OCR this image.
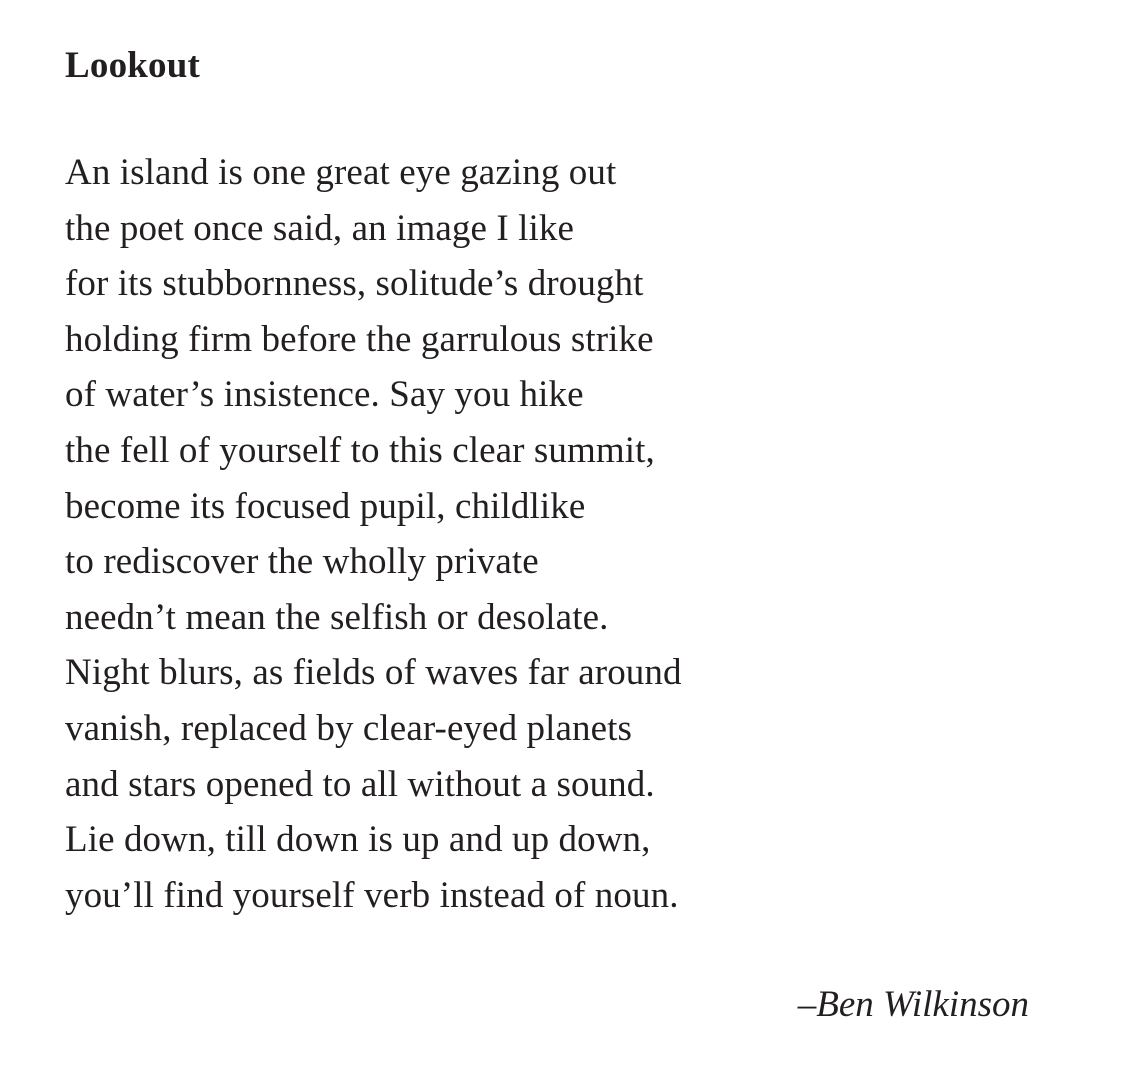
Lookout
An island is one great eye gazing out
the poet once said, an image I like
for its stubbornness, solitude’s drought
holding firm before the garrulous strike
of water’s insistence. Say you hike
the fell of yourself to this clear summit,
become its focused pupil, childlike
to rediscover the wholly private
needn’t mean the selfish or desolate.
Night blurs, as fields of waves far around
vanish, replaced by clear-eyed planets
and stars opened to all without a sound.
Lie down, till down is up and up down,
you’ll find yourself verb instead of noun.

–Ben Wilkinson
